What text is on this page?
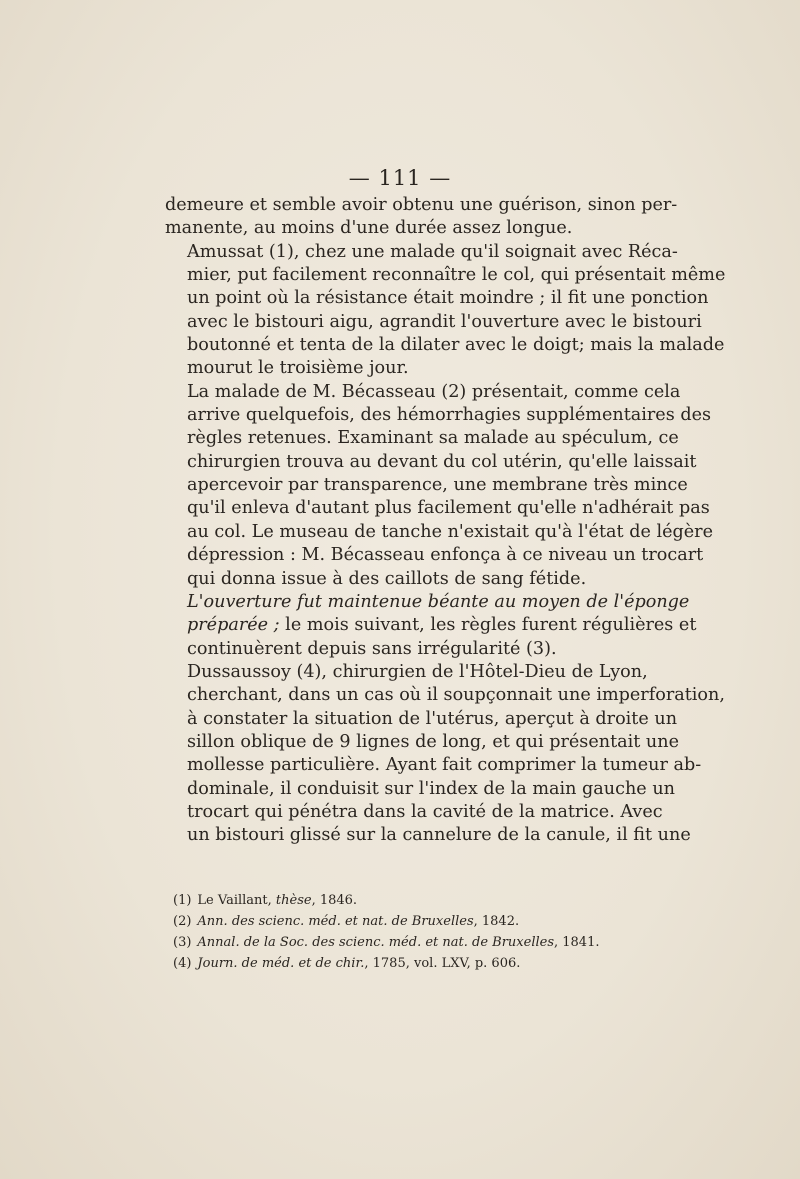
— 111 —

demeure et semble avoir obtenu une guérison, sinon per-
manente, au moins d'une durée assez longue.

Amussat (1), chez une malade qu'il soignait avec Réca-
mier, put facilement reconnaître le col, qui présentait même
un point où la résistance était moindre ; il fit une ponction
avec le bistouri aigu, agrandit l'ouverture avec le bistouri
boutonné et tenta de la dilater avec le doigt; mais la malade
mourut le troisième jour.

La malade de M. Bécasseau (2) présentait, comme cela
arrive quelquefois, des hémorrhagies supplémentaires des
règles retenues. Examinant sa malade au spéculum, ce
chirurgien trouva au devant du col utérin, qu'elle laissait
apercevoir par transparence, une membrane très mince
qu'il enleva d'autant plus facilement qu'elle n'adhérait pas
au col. Le museau de tanche n'existait qu'à l'état de légère
dépression : M. Bécasseau enfonça à ce niveau un trocart
qui donna issue à des caillots de sang fétide.

L'ouverture fut maintenue béante au moyen de l'éponge
préparée ; le mois suivant, les règles furent régulières et
continuèrent depuis sans irrégularité (3).

Dussaussoy (4), chirurgien de l'Hôtel-Dieu de Lyon,
cherchant, dans un cas où il soupçonnait une imperforation,
à constater la situation de l'utérus, aperçut à droite un
sillon oblique de 9 lignes de long, et qui présentait une
mollesse particulière. Ayant fait comprimer la tumeur ab-
dominale, il conduisit sur l'index de la main gauche un
trocart qui pénétra dans la cavité de la matrice. Avec
un bistouri glissé sur la cannelure de la canule, il fit une

(1) Le Vaillant, thèse, 1846.
(2) Ann. des scienc. méd. et nat. de Bruxelles, 1842.
(3) Annal. de la Soc. des scienc. méd. et nat. de Bruxelles, 1841.
(4) Journ. de méd. et de chir., 1785, vol. LXV, p. 606.
